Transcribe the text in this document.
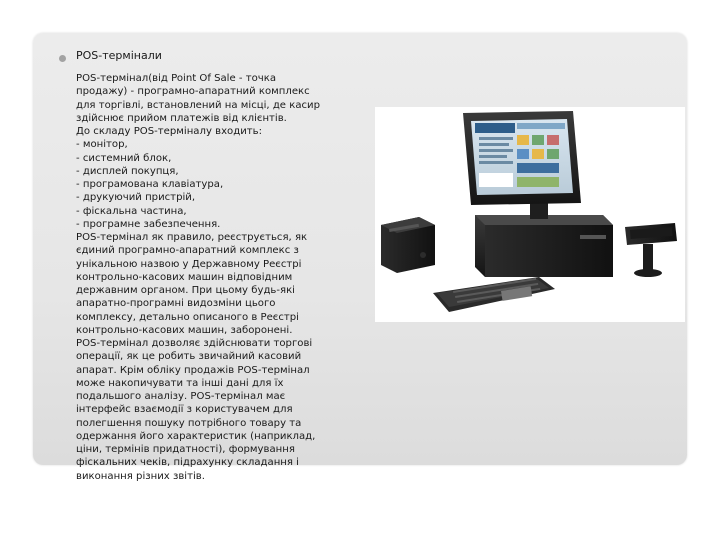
POS-термінали

POS-термінал(від Point Of Sale - точка
продажу) - програмно-апаратний комплекс
для торгівлі, встановлений на місці, де касир
здійснює прийом платежів від клієнтів.
До складу POS-терміналу входить:
- монітор,
- системний блок,
- дисплей покупця,
- програмована клавіатура,
- друкуючий пристрій,
- фіскальна частина,
- програмне забезпечення.
POS-термінал як правило, реєструється, як
єдиний програмно-апаратний комплекс з
унікальною назвою у Державному Реєстрі
контрольно-касових машин відповідним
державним органом. При цьому будь-які
апаратно-програмні видозміни цього
комплексу, детально описаного в Реєстрі
контрольно-касових машин, заборонені.
POS-термінал дозволяє здійснювати торгові
операції, як це робить звичайний касовий
апарат. Крім обліку продажів POS-термінал
може накопичувати та інші дані для їх
подальшого аналізу. POS-термінал має
інтерфейс взаємодії з користувачем для
полегшення пошуку потрібного товару та
одержання його характеристик (наприклад,
ціни, термінів придатності), формування
фіскальних чеків, підрахунку складання і
виконання різних звітів.
